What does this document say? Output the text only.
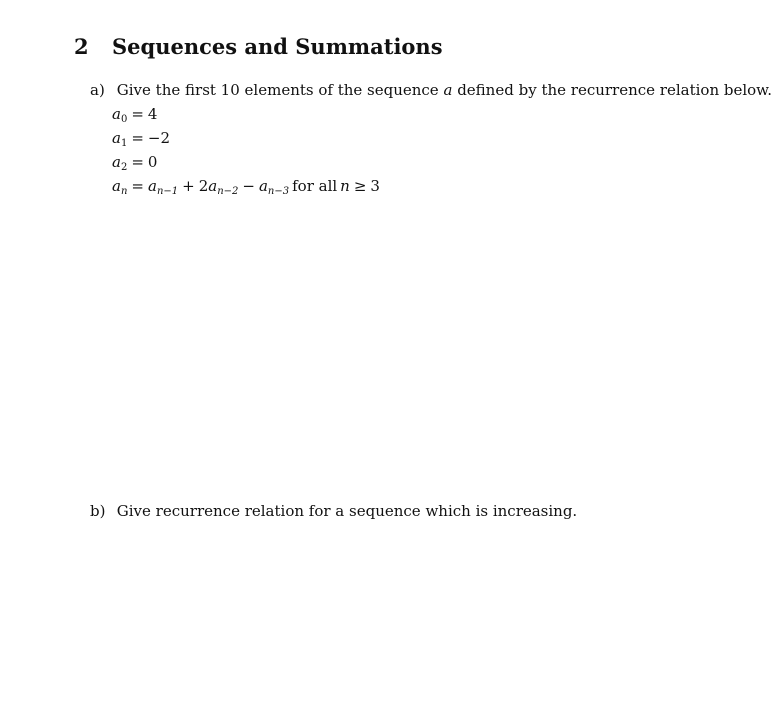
2 Sequences and Summations
a) Give the first 10 elements of the sequence a defined by the recurrence relation below.
$a_0 = 4$
$a_1 = -2$
$a_2 = 0$
$a_n = a_{n-1} + 2a_{n-2} - a_{n-3}$ for all n ≥ 3
b) Give recurrence relation for a sequence which is increasing.
